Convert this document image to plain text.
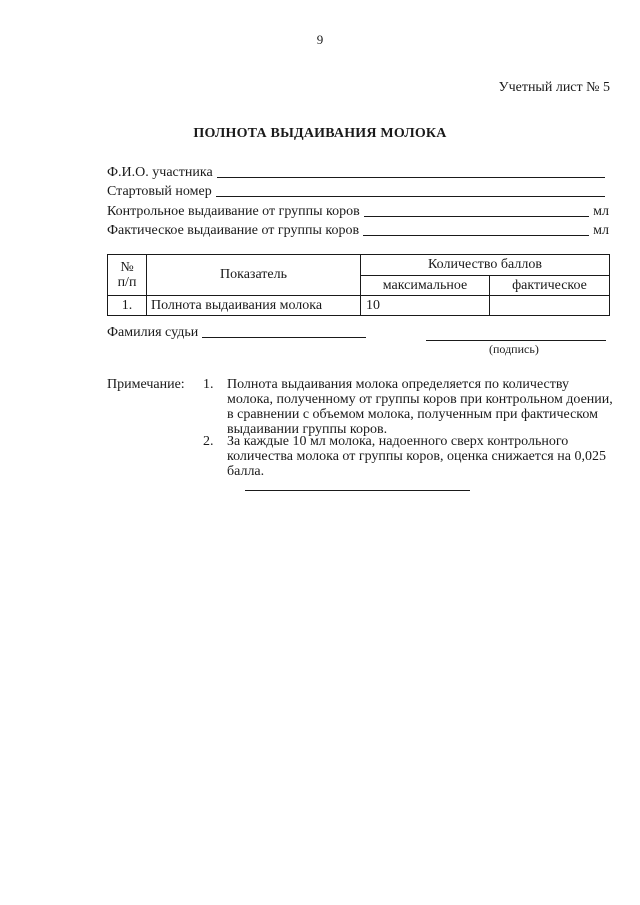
9
Учетный лист № 5
ПОЛНОТА ВЫДАИВАНИЯ МОЛОКА
Ф.И.О. участника
Стартовый номер
Контрольное выдаивание от группы коров	мл
Фактическое выдаивание от группы коров	мл
№
п/п	Показатель	Количество баллов	
		максимальное	фактическое
1.	Полнота выдаивания молока	10	
Фамилия судьи
(подпись)
Примечание: 1. Полнота выдаивания молока определяется по количеству молока, полученному от группы коров при контрольном доении, в сравнении с объемом молока, полученным при фактическом выдаивании группы коров.
2. За каждые 10 мл молока, надоенного сверх контрольного количества молока от группы коров, оценка снижается на 0,025 балла.
